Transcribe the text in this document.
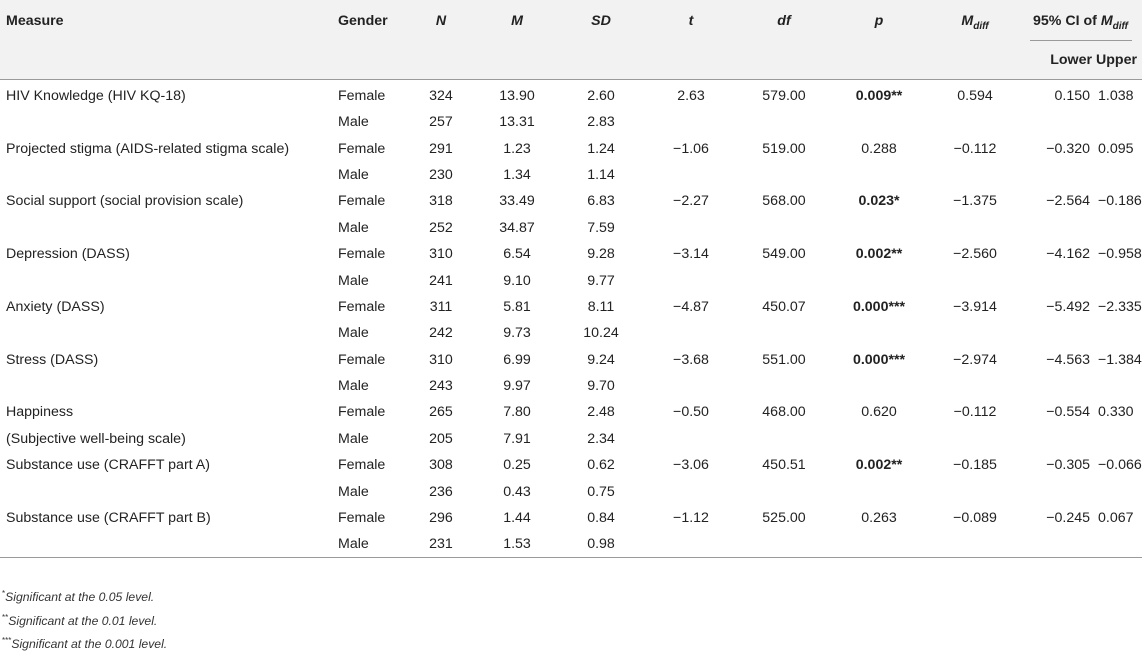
Measure	Gender	N	M	SD	t	df	p	$M_{diff}$	95% CI of $M_{diff}$
									Lower	Upper
HIV Knowledge (HIV KQ-18)	Female	324	13.90	2.60	2.63	579.00	0.009**	0.594	0.150	1.038
	Male	257	13.31	2.83						
Projected stigma (AIDS-related stigma scale)	Female	291	1.23	1.24	−1.06	519.00	0.288	−0.112	−0.320	0.095
	Male	230	1.34	1.14						
Social support (social provision scale)	Female	318	33.49	6.83	−2.27	568.00	0.023*	−1.375	−2.564	−0.186
	Male	252	34.87	7.59						
Depression (DASS)	Female	310	6.54	9.28	−3.14	549.00	0.002**	−2.560	−4.162	−0.958
	Male	241	9.10	9.77						
Anxiety (DASS)	Female	311	5.81	8.11	−4.87	450.07	0.000***	−3.914	−5.492	−2.335
	Male	242	9.73	10.24						
Stress (DASS)	Female	310	6.99	9.24	−3.68	551.00	0.000***	−2.974	−4.563	−1.384
	Male	243	9.97	9.70						
Happiness	Female	265	7.80	2.48	−0.50	468.00	0.620	−0.112	−0.554	0.330
(Subjective well-being scale)	Male	205	7.91	2.34						
Substance use (CRAFFT part A)	Female	308	0.25	0.62	−3.06	450.51	0.002**	−0.185	−0.305	−0.066
	Male	236	0.43	0.75						
Substance use (CRAFFT part B)	Female	296	1.44	0.84	−1.12	525.00	0.263	−0.089	−0.245	0.067
	Male	231	1.53	0.98						
*Significant at the 0.05 level.
**Significant at the 0.01 level.
***Significant at the 0.001 level.
